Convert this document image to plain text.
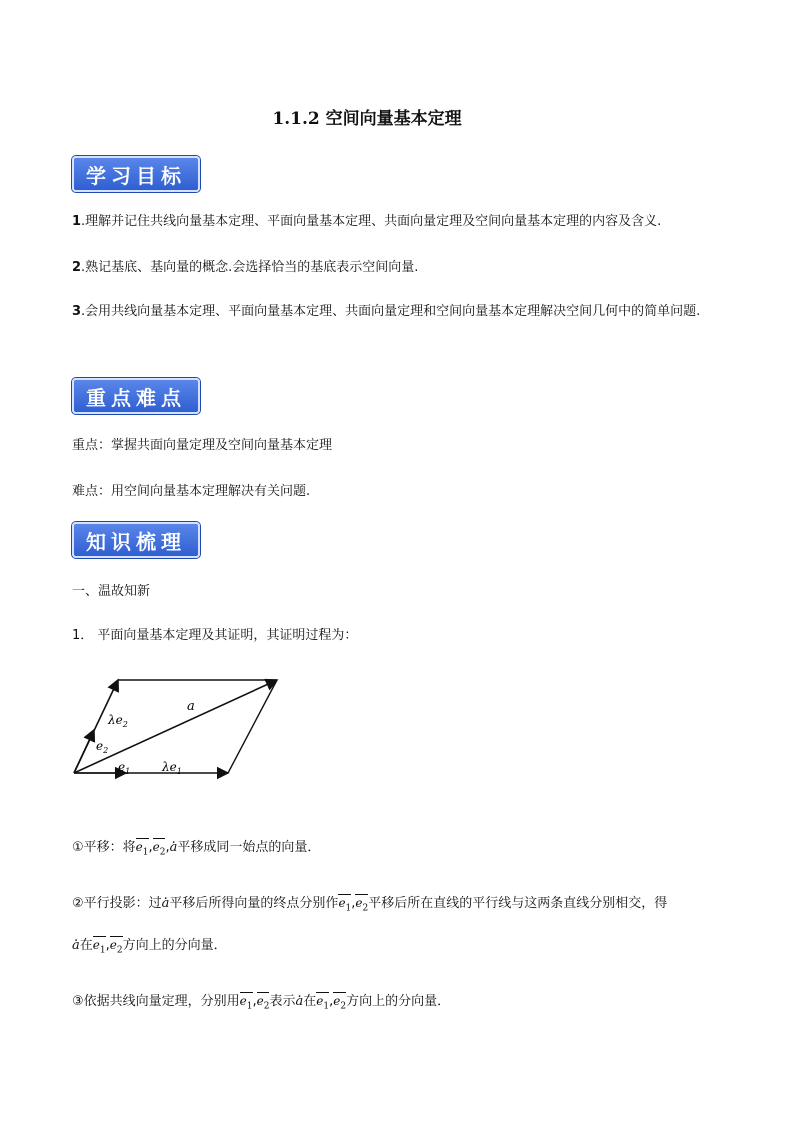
1.1.2 空间向量基本定理
学习目标
1.理解并记住共线向量基本定理、平面向量基本定理、共面向量定理及空间向量基本定理的内容及含义.
2.熟记基底、基向量的概念.会选择恰当的基底表示空间向量.
3.会用共线向量基本定理、平面向量基本定理、共面向量定理和空间向量基本定理解决空间几何中的简单问题.
重点难点
重点：掌握共面向量定理及空间向量基本定理
难点：用空间向量基本定理解决有关问题.
知识梳理
一、温故知新
1． 平面向量基本定理及其证明，其证明过程为：
a
$\lambda e_2$
$e_2$
$e_1$	$\lambda e_1$
①平移：将$e_1,e_2$,. a平移成同一始点的向量．
②平行投影：过. a平移后所得向量的终点分别作$e_1,e_2$平移后所在直线的平行线与这两条直线分别相交，得
. a在$e_1,e_2$方向上的分向量．
③依据共线向量定理，分别用$e_1,e_2$表示. a在$e_1,e_2$方向上的分向量．
